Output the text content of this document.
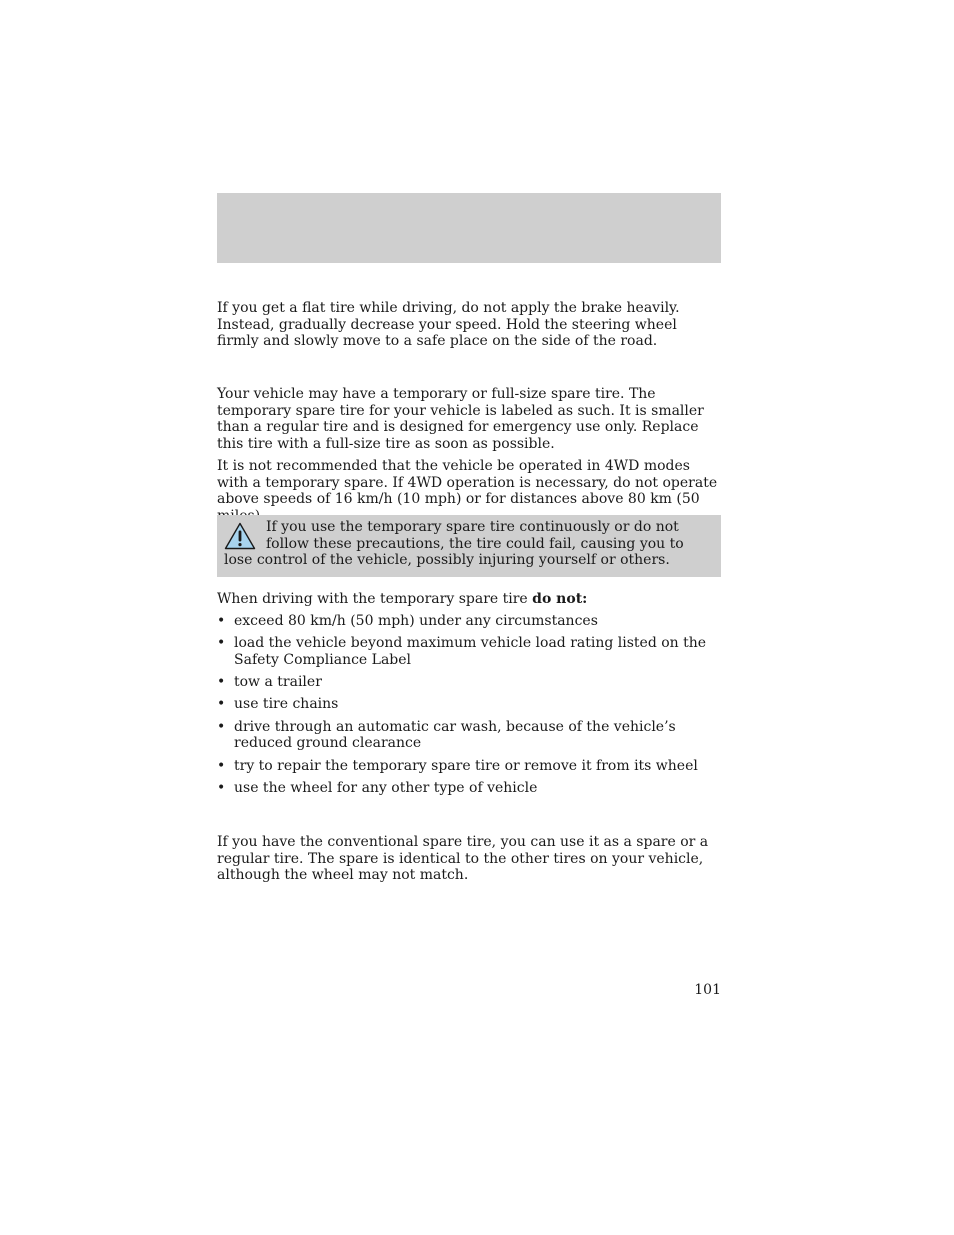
If you get a flat tire while driving, do not apply the brake heavily. Instead, gradually decrease your speed. Hold the steering wheel firmly and slowly move to a safe place on the side of the road.

Your vehicle may have a temporary or full-size spare tire. The temporary spare tire for your vehicle is labeled as such. It is smaller than a regular tire and is designed for emergency use only. Replace this tire with a full-size tire as soon as possible.

It is not recommended that the vehicle be operated in 4WD modes with a temporary spare. If 4WD operation is necessary, do not operate above speeds of 16 km/h (10 mph) or for distances above 80 km (50

If you use the temporary spare tire continuously or do not follow these precautions, the tire could fail, causing you to lose control of the vehicle, possibly injuring yourself or others.

When driving with the temporary spare tire do not:

• exceed 80 km/h (50 mph) under any circumstances
• load the vehicle beyond maximum vehicle load rating listed on the Safety Compliance Label
• tow a trailer
• use tire chains
• drive through an automatic car wash, because of the vehicle’s reduced ground clearance
• try to repair the temporary spare tire or remove it from its wheel
• use the wheel for any other type of vehicle

If you have the conventional spare tire, you can use it as a spare or a regular tire. The spare is identical to the other tires on your vehicle, although the wheel may not match.

101
